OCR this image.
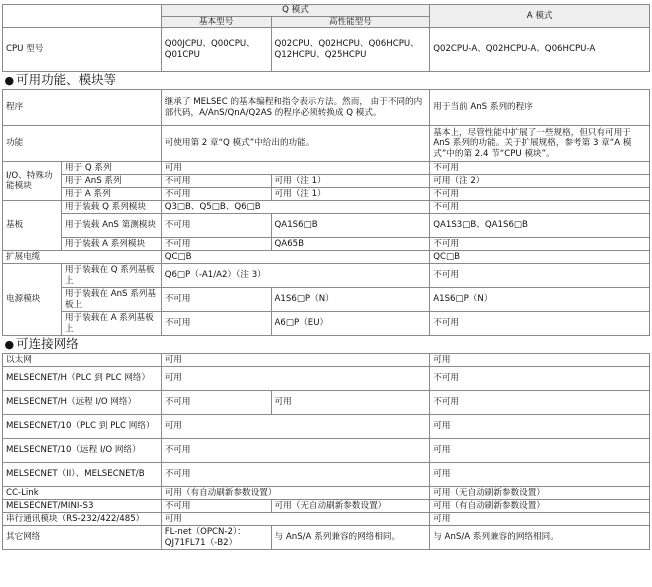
		Q 模式		A 模式
		基本型号	高性能型号	
CPU 型号		Q00JCPU、Q00CPU、Q01CPU	Q02CPU、Q02HCPU、Q06HCPU、Q12HCPU、Q25HCPU	Q02CPU-A、Q02HCPU-A、Q06HCPU-A
● 可用功能、模块等				
程序		继承了 MELSEC 的基本编程和指令表示方法。然而， 由于不同的内部代码，A/AnS/QnA/Q2AS 的程序必须转换成 Q 模式。		用于当前 AnS 系列的程序
功能		可使用第 2 章“Q 模式”中给出的功能。		基本上，尽管性能中扩展了一些规格，但只有可用于AnS 系列的功能。关于扩展规格，参考第 3 章“A 模式”中的第 2.4 节“CPU 模块”。
I/O、特殊功能模块	用于 Q 系列	可用		不可用
	用于 AnS 系列	不可用	可用（注 1）	可用（注 2）
	用于 A 系列	不可用	可用（注 1）	不可用
基板	用于装载 Q 系列模块	Q3□B、Q5□B、Q6□B		不可用
	用于装载 AnS 第测模块	不可用	QA1S6□B	QA1S3□B、QA1S6□B
	用于装载 A 系列模块	不可用	QA65B	不可用
扩展电缆		QC□B		QC□B
电源模块	用于装载在 Q 系列基板上	Q6□P（-A1/A2）（注 3）		不可用
	用于装载在 AnS 系列基板上	不可用	A1S6□P（N）	A1S6□P（N）
	用于装载在 A 系列基板上	不可用	A6□P（EU）	不可用
● 可连接网络				
以太网		可用		可用
MELSECNET/H（PLC 到 PLC 网络）		可用		不可用
MELSECNET/H（远程 I/O 网络）		不可用	可用	不可用
MELSECNET/10（PLC 到 PLC 网络）		可用		可用
MELSECNET/10（远程 I/O 网络）		不可用		可用
MELSECNET（II）、MELSECNET/B		不可用		可用
CC-Link		可用（有自动刷新参数设置）		可用（无自动刷新参数设置）
MELSECNET/MINI-S3		不可用	可用（无自动刷新参数设置）	可用（有自动刷新参数设置）
串行通讯模块（RS-232/422/485）		可用		可用
其它网络		FL-net（OPCN-2）：QJ71FL71（-B2）	与 AnS/A 系列兼容的网络相同。	与 AnS/A 系列兼容的网络相同。
